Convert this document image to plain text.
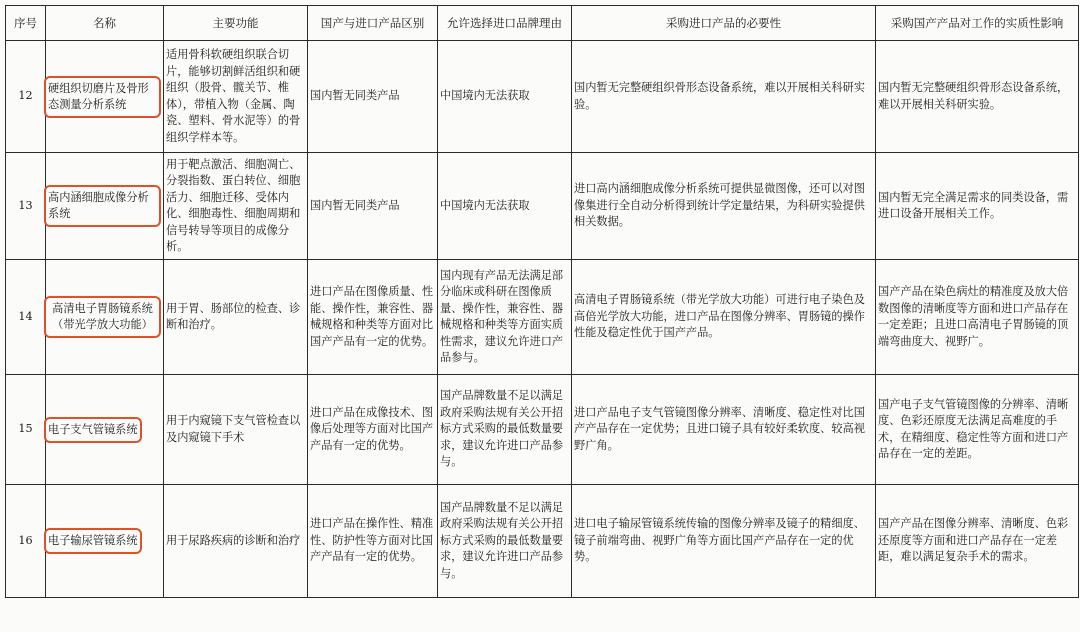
序号	名称	主要功能	国产与进口产品区别	允许选择进口品牌理由	采购进口产品的必要性	采购国产产品对工作的实质性影响
12	硬组织切磨片及骨形态测量分析系统	适用骨科软硬组织联合切片，能够切割鲜活组织和硬组织（股骨、髋关节、椎体），带植入物（金属、陶瓷、塑料、骨水泥等）的骨组织学样本等。	国内暂无同类产品	中国境内无法获取	国内暂无完整硬组织骨形态设备系统，难以开展相关科研实验。	国内暂无完整硬组织骨形态设备系统，难以开展相关科研实验。
13	高内涵细胞成像分析系统	用于靶点激活、细胞凋亡、分裂指数、蛋白转位、细胞活力、细胞迁移、受体内化、细胞毒性、细胞周期和信号转导等项目的成像分析。	国内暂无同类产品	中国境内无法获取	进口高内涵细胞成像分析系统可提供显微图像，还可以对图像集进行全自动分析得到统计学定量结果，为科研实验提供相关数据。	国内暂无完全满足需求的同类设备，需进口设备开展相关工作。
14	高清电子胃肠镜系统（带光学放大功能）	用于胃、肠部位的检查、诊断和治疗。	进口产品在图像质量、性能、操作性，兼容性、器械规格和种类等方面对比国产产品有一定的优势。	国内现有产品无法满足部分临床或科研在图像质量、操作性，兼容性、器械规格和种类等方面实质性需求，建议允许进口产品参与。	高清电子胃肠镜系统（带光学放大功能）可进行电子染色及高倍光学放大功能，进口产品在图像分辨率、胃肠镜的操作性能及稳定性优于国产产品。	国产产品在染色病灶的精准度及放大倍数图像的清晰度等方面和进口产品存在一定差距；且进口高清电子胃肠镜的顶端弯曲度大、视野广。
15	电子支气管镜系统	用于内窥镜下支气管检查以及内窥镜下手术	进口产品在成像技术、图像后处理等方面对比国产产品有一定的优势。	国产品牌数量不足以满足政府采购法规有关公开招标方式采购的最低数量要求，建议允许进口产品参与。	进口产品电子支气管镜图像分辨率、清晰度、稳定性对比国产产品存在一定优势；且进口镜子具有较好柔软度、较高视野广角。	国产电子支气管镜图像的分辨率、清晰度、色彩还原度无法满足高难度的手术，在精细度、稳定性等方面和进口产品存在一定的差距。
16	电子输尿管镜系统	用于尿路疾病的诊断和治疗	进口产品在操作性、精准性、防护性等方面对比国产产品有一定的优势。	国产品牌数量不足以满足政府采购法规有关公开招标方式采购的最低数量要求，建议允许进口产品参与。	进口电子输尿管镜系统传输的图像分辨率及镜子的精细度、镜子前端弯曲、视野广角等方面比国产产品存在一定的优势。	国产产品在图像分辨率、清晰度、色彩还原度等方面和进口产品存在一定差距，难以满足复杂手术的需求。
